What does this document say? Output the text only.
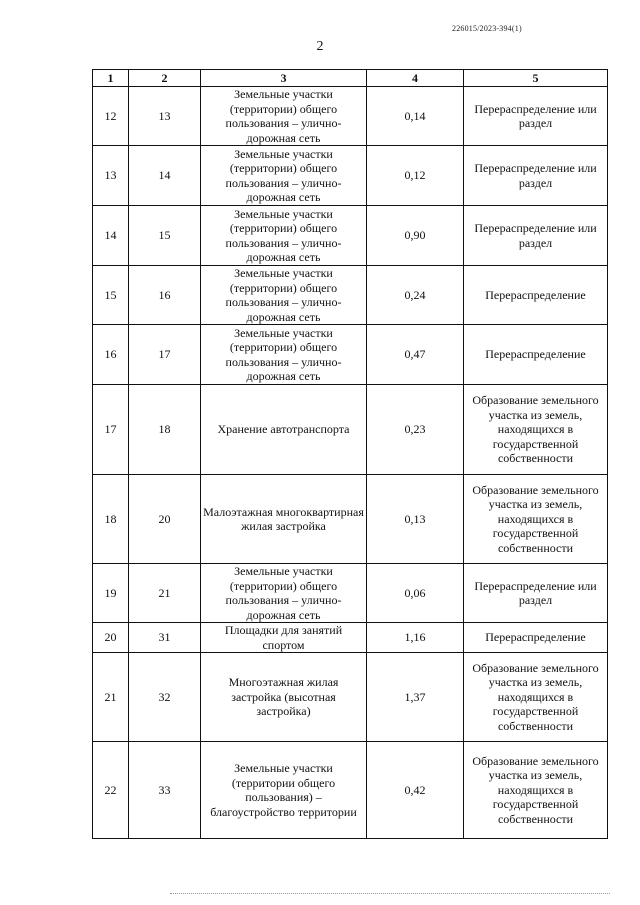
226015/2023-394(1)
2
1	2	3	4	5
12	13	Земельные участки (территории) общего пользования – улично-дорожная сеть	0,14	Перераспределение или раздел
13	14	Земельные участки (территории) общего пользования – улично-дорожная сеть	0,12	Перераспределение или раздел
14	15	Земельные участки (территории) общего пользования – улично-дорожная сеть	0,90	Перераспределение или раздел
15	16	Земельные участки (территории) общего пользования – улично-дорожная сеть	0,24	Перераспределение
16	17	Земельные участки (территории) общего пользования – улично-дорожная сеть	0,47	Перераспределение
17	18	Хранение автотранспорта	0,23	Образование земельного участка из земель, находящихся в государственной собственности
18	20	Малоэтажная многоквартирная жилая застройка	0,13	Образование земельного участка из земель, находящихся в государственной собственности
19	21	Земельные участки (территории) общего пользования – улично-дорожная сеть	0,06	Перераспределение или раздел
20	31	Площадки для занятий спортом	1,16	Перераспределение
21	32	Многоэтажная жилая застройка (высотная застройка)	1,37	Образование земельного участка из земель, находящихся в государственной собственности
22	33	Земельные участки (территории общего пользования) – благоустройство территории	0,42	Образование земельного участка из земель, находящихся в государственной собственности
